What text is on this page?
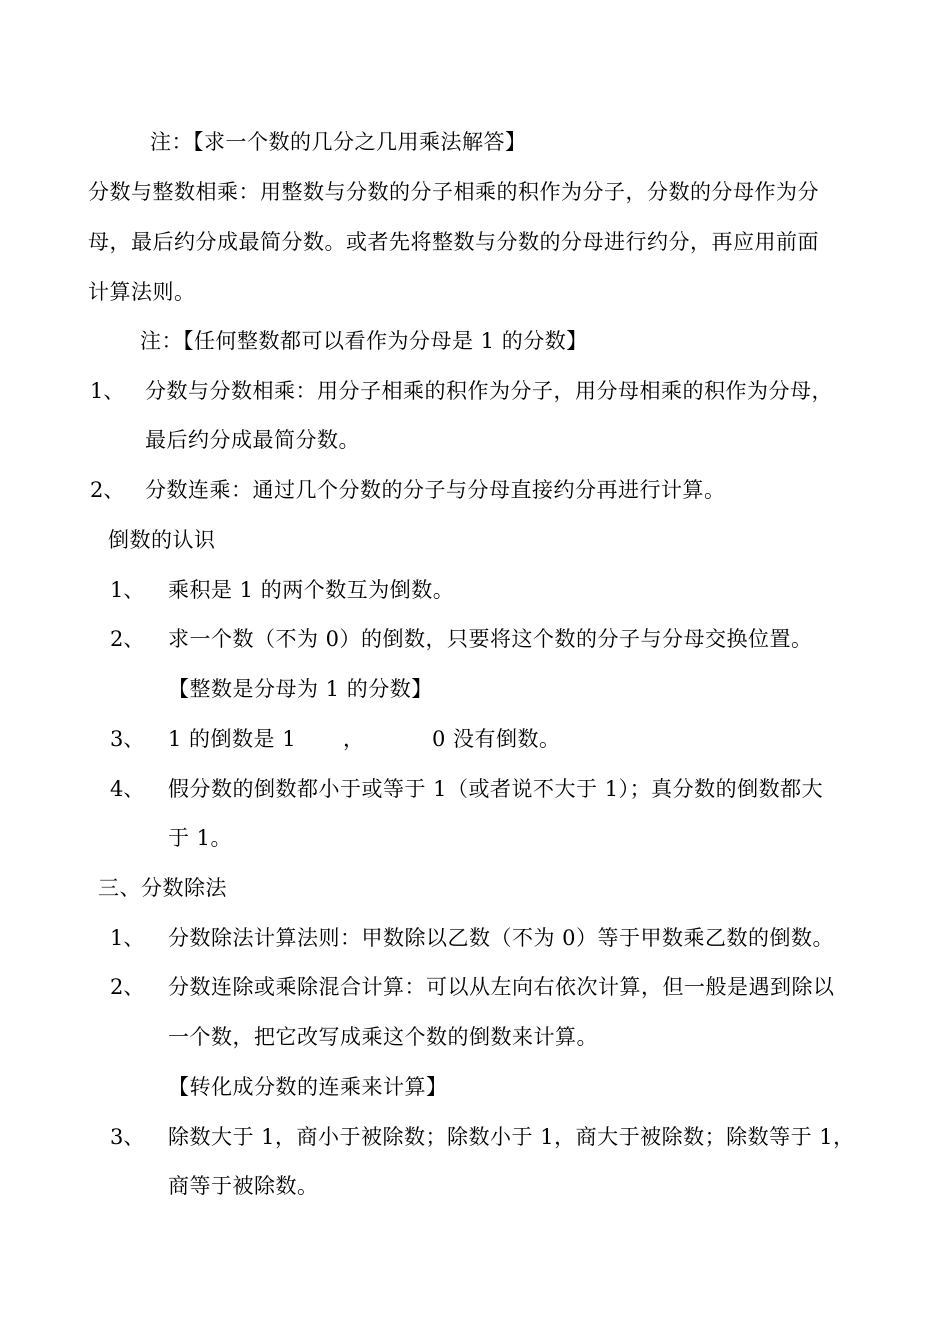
注：【求一个数的几分之几用乘法解答】
分数与整数相乘：用整数与分数的分子相乘的积作为分子，分数的分母作为分
母，最后约分成最简分数。或者先将整数与分数的分母进行约分，再应用前面
计算法则。
注：【任何整数都可以看作为分母是 1 的分数】
1、 分数与分数相乘：用分子相乘的积作为分子，用分母相乘的积作为分母，
最后约分成最简分数。
2、 分数连乘：通过几个分数的分子与分母直接约分再进行计算。
倒数的认识
1、 乘积是 1 的两个数互为倒数。
2、 求一个数（不为 0）的倒数，只要将这个数的分子与分母交换位置。
【整数是分母为 1 的分数】
3、 1 的倒数是 1 ，	0 没有倒数。
4、 假分数的倒数都小于或等于 1（或者说不大于 1）；真分数的倒数都大
于 1。
三、分数除法
1、 分数除法计算法则：甲数除以乙数（不为 0）等于甲数乘乙数的倒数。
2、 分数连除或乘除混合计算：可以从左向右依次计算，但一般是遇到除以
一个数，把它改写成乘这个数的倒数来计算。
【转化成分数的连乘来计算】
3、 除数大于 1，商小于被除数；除数小于 1，商大于被除数；除数等于 1，
商等于被除数。
